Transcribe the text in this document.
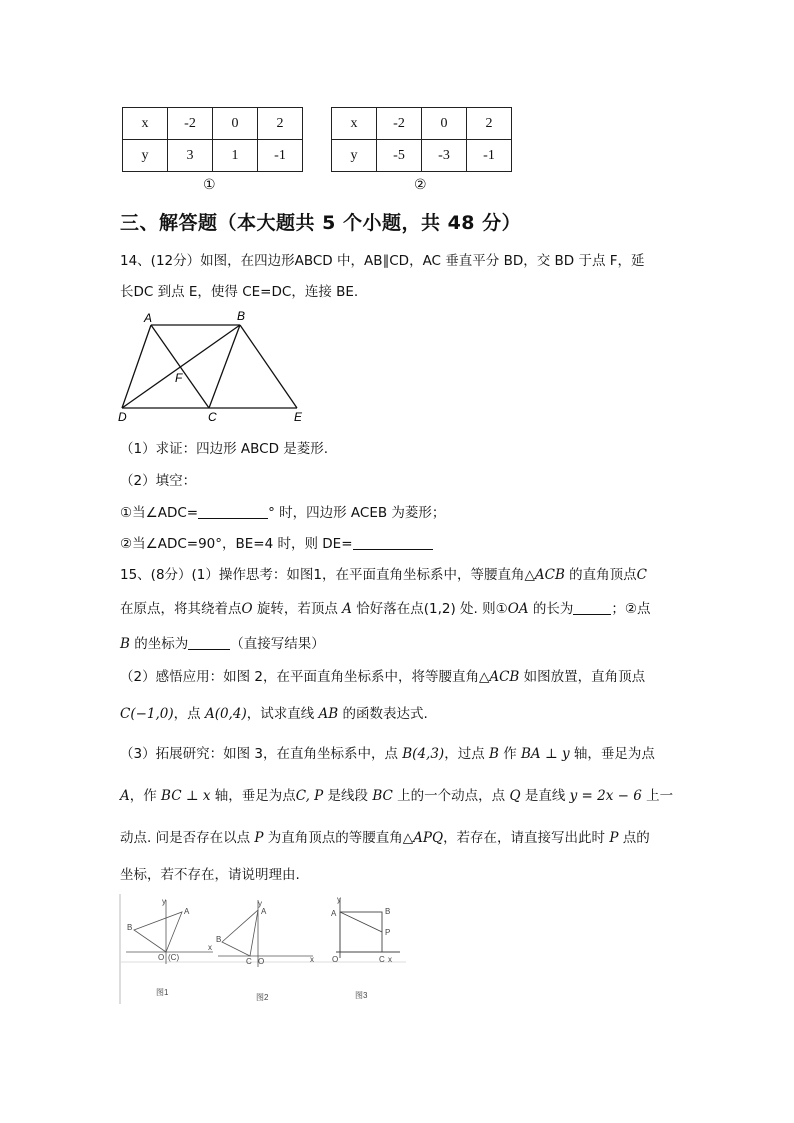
x	-2	0	2
y	3	1	-1
①
x	-2	0	2
y	-5	-3	-1
②
三、解答题（本大题共 5 个小题，共 48 分）
14、(12分）如图，在四边形ABCD 中，AB∥CD，AC 垂直平分 BD，交 BD 于点 F，延
长DC 到点 E，使得 CE=DC，连接 BE.
A	B
F
D	C	E
（1）求证：四边形 ABCD 是菱形.
（2）填空：
①当∠ADC=	° 时，四边形 ACEB 为菱形；
②当∠ADC=90°，BE=4 时，则 DE=
15、(8分）(1）操作思考：如图1，在平面直角坐标系中，等腰直角△ACB 的直角顶点C
在原点，将其绕着点O 旋转，若顶点 A 恰好落在点(1,2) 处. 则①OA 的长为	；②点
B 的坐标为	（直接写结果）
（2）感悟应用：如图 2，在平面直角坐标系中，将等腰直角△ACB 如图放置，直角顶点
C(−1,0)，点 A(0,4)，试求直线 AB 的函数表达式.
（3）拓展研究：如图 3，在直角坐标系中，点 B(4,3)，过点 B 作 BA ⊥ y 轴，垂足为点
A，作 BC ⊥ x 轴，垂足为点C, P 是线段 BC 上的一个动点，点 Q 是直线 y = 2x − 6 上一
动点. 问是否存在以点 P 为直角顶点的等腰直角△APQ，若存在，请直接写出此时 P 点的
坐标，若不存在，请说明理由.
y
x
A
B
O (C)
图1
y
x
A
B
C O
图2
y
x
A	B
P
O	C
图3
